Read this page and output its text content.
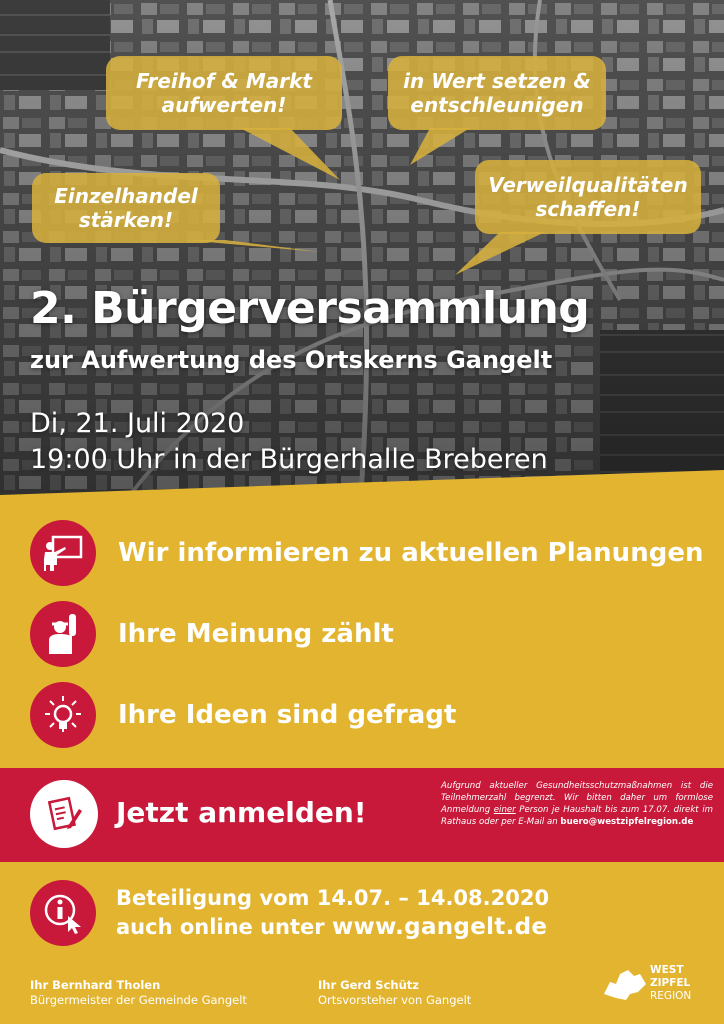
Freihof & Markt aufwerten!
in Wert setzen & entschleunigen
Einzelhandel stärken!
Verweilqualitäten schaffen!
2. Bürgerversammlung
zur Aufwertung des Ortskerns Gangelt
Di, 21. Juli 2020
19:00 Uhr in der Bürgerhalle Breberen
Wir informieren zu aktuellen Planungen
Ihre Meinung zählt
Ihre Ideen sind gefragt
Jetzt anmelden!
Aufgrund aktueller Gesundheitsschutzmaßnahmen ist die Teilnehmerzahl begrenzt. Wir bitten daher um formlose Anmeldung einer Person je Haushalt bis zum 17.07. direkt im Rathaus oder per E-Mail an buero@westzipfelregion.de
Beteiligung vom 14.07. – 14.08.2020
auch online unter www.gangelt.de
Ihr Bernhard Tholen
Bürgermeister der Gemeinde Gangelt
Ihr Gerd Schütz
Ortsvorsteher von Gangelt
WEST
ZIPFEL
REGION
